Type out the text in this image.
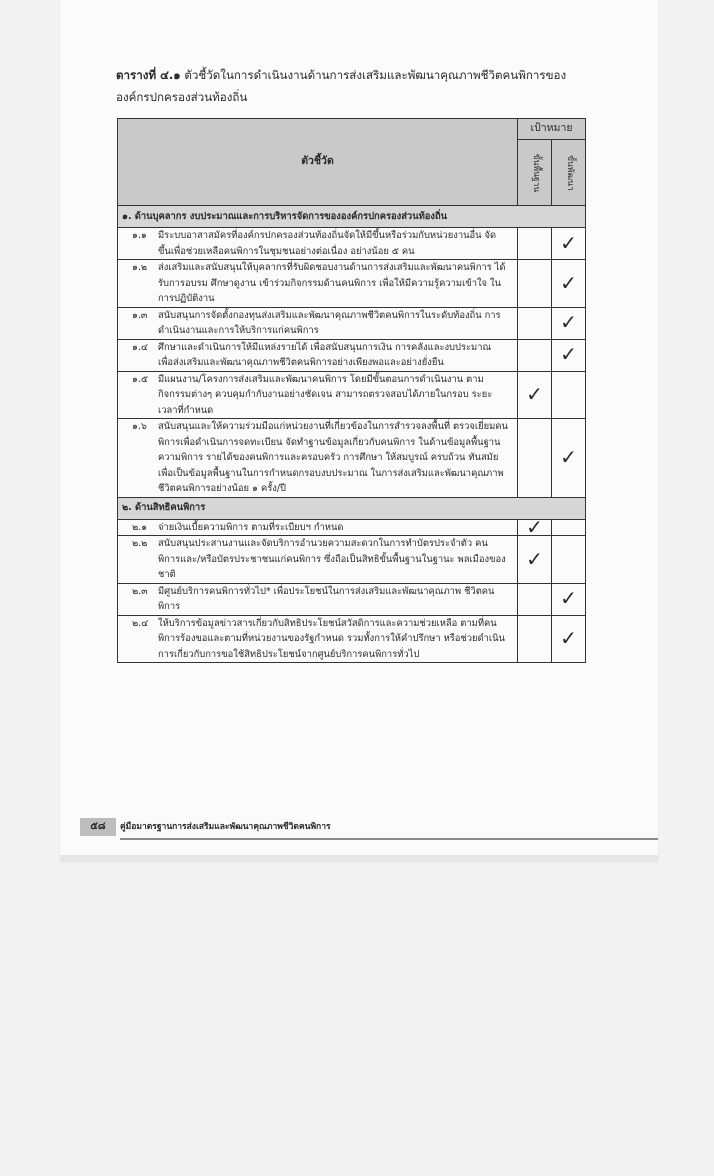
ตารางที่ ๔.๑ ตัวชี้วัดในการดำเนินงานด้านการส่งเสริมและพัฒนาคุณภาพชีวิตคนพิการของ องค์กรปกครองส่วนท้องถิ่น
ตัวชี้วัด	เป้าหมาย	

	ขั้นพื้นฐาน	ขั้นพัฒนา

๑. ด้านบุคลากร งบประมาณและการบริหารจัดการขององค์กรปกครองส่วนท้องถิ่น		
๑.๑ มีระบบอาสาสมัครที่องค์กรปกครองส่วนท้องถิ่นจัดให้มีขึ้นหรือร่วมกับหน่วยงานอื่น จัดขึ้นเพื่อช่วยเหลือคนพิการในชุมชนอย่างต่อเนื่อง อย่างน้อย ๕ คน		✓
๑.๒ ส่งเสริมและสนับสนุนให้บุคลากรที่รับผิดชอบงานด้านการส่งเสริมและพัฒนาคนพิการ ได้รับการอบรม ศึกษาดูงาน เข้าร่วมกิจกรรมด้านคนพิการ เพื่อให้มีความรู้ความเข้าใจ ในการปฏิบัติงาน		✓
๑.๓ สนับสนุนการจัดตั้งกองทุนส่งเสริมและพัฒนาคุณภาพชีวิตคนพิการในระดับท้องถิ่น การดำเนินงานและการให้บริการแก่คนพิการ		✓
๑.๔ ศึกษาและดำเนินการให้มีแหล่งรายได้ เพื่อสนับสนุนการเงิน การคลังและงบประมาณ เพื่อส่งเสริมและพัฒนาคุณภาพชีวิตคนพิการอย่างเพียงพอและอย่างยั่งยืน		✓
๑.๕ มีแผนงาน/โครงการส่งเสริมและพัฒนาคนพิการ โดยมีขั้นตอนการดำเนินงาน ตามกิจกรรมต่างๆ ควบคุมกำกับงานอย่างชัดเจน สามารถตรวจสอบได้ภายในกรอบ ระยะเวลาที่กำหนด	✓	
๑.๖ สนับสนุนและให้ความร่วมมือแก่หน่วยงานที่เกี่ยวข้องในการสำรวจลงพื้นที่ ตรวจเยี่ยมคนพิการเพื่อดำเนินการจดทะเบียน จัดทำฐานข้อมูลเกี่ยวกับคนพิการ ในด้านข้อมูลพื้นฐานความพิการ รายได้ของคนพิการและครอบครัว การศึกษา ให้สมบูรณ์ ครบถ้วน ทันสมัย เพื่อเป็นข้อมูลพื้นฐานในการกำหนดกรอบงบประมาณ ในการส่งเสริมและพัฒนาคุณภาพชีวิตคนพิการอย่างน้อย ๑ ครั้ง/ปี		✓
๒. ด้านสิทธิคนพิการ		
๒.๑ จ่ายเงินเบี้ยความพิการ ตามที่ระเบียบฯ กำหนด	✓	
๒.๒ สนับสนุนประสานงานและจัดบริการอำนวยความสะดวกในการทำบัตรประจำตัว คนพิการและ/หรือบัตรประชาชนแก่คนพิการ ซึ่งถือเป็นสิทธิขั้นพื้นฐานในฐานะ พลเมืองของชาติ	✓	
๒.๓ มีศูนย์บริการคนพิการทั่วไป* เพื่อประโยชน์ในการส่งเสริมและพัฒนาคุณภาพ ชีวิตคนพิการ		✓
๒.๔ ให้บริการข้อมูลข่าวสารเกี่ยวกับสิทธิประโยชน์สวัสดิการและความช่วยเหลือ ตามที่คนพิการร้องขอและตามที่หน่วยงานของรัฐกำหนด รวมทั้งการให้คำปรึกษา หรือช่วยดำเนินการเกี่ยวกับการขอใช้สิทธิประโยชน์จากศูนย์บริการคนพิการทั่วไป		✓
๕๘	คู่มือมาตรฐานการส่งเสริมและพัฒนาคุณภาพชีวิตคนพิการ
